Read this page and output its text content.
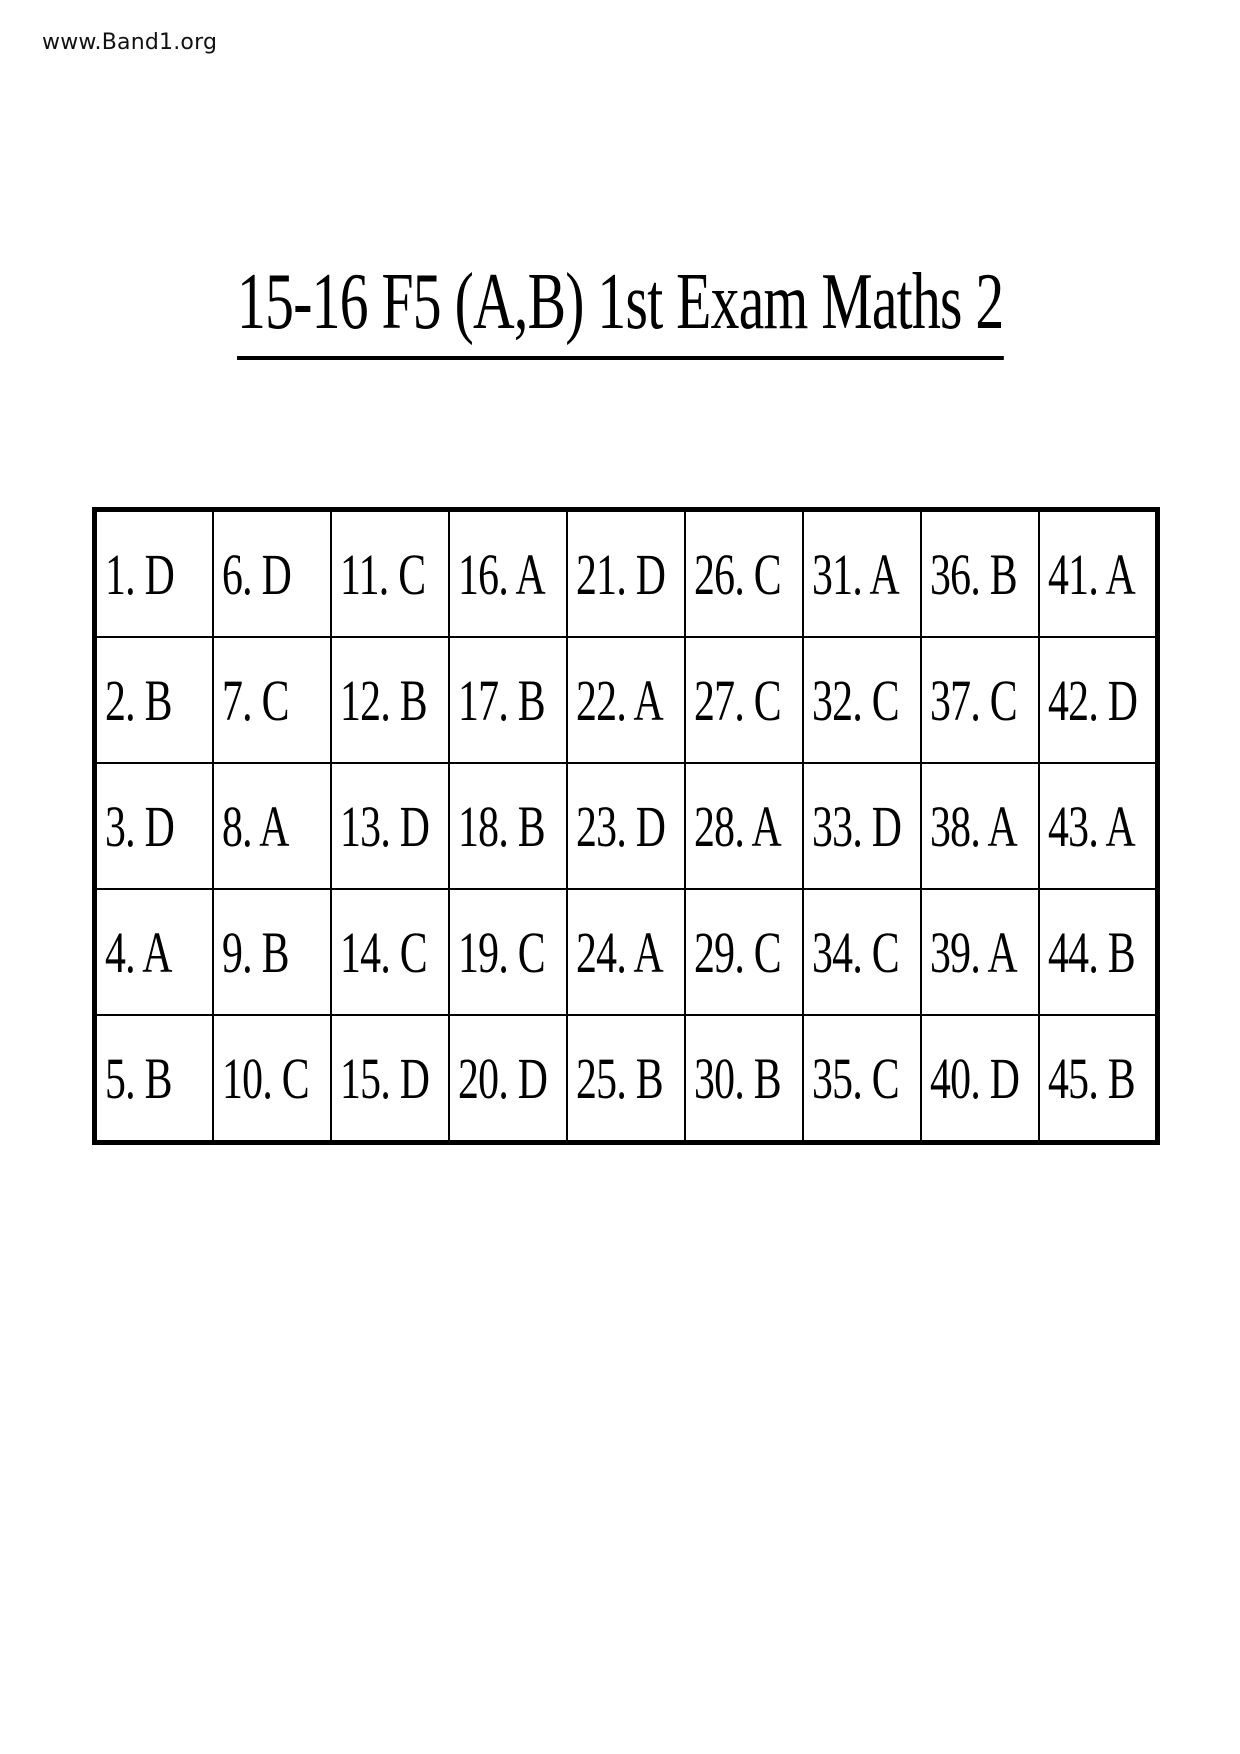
www.Band1.org
15-16 F5 (A,B) 1st Exam Maths 2
1. D	6. D	11. C	16. A	21. D	26. C	31. A	36. B	41. A
2. B	7. C	12. B	17. B	22. A	27. C	32. C	37. C	42. D
3. D	8. A	13. D	18. B	23. D	28. A	33. D	38. A	43. A
4. A	9. B	14. C	19. C	24. A	29. C	34. C	39. A	44. B
5. B	10. C	15. D	20. D	25. B	30. B	35. C	40. D	45. B
